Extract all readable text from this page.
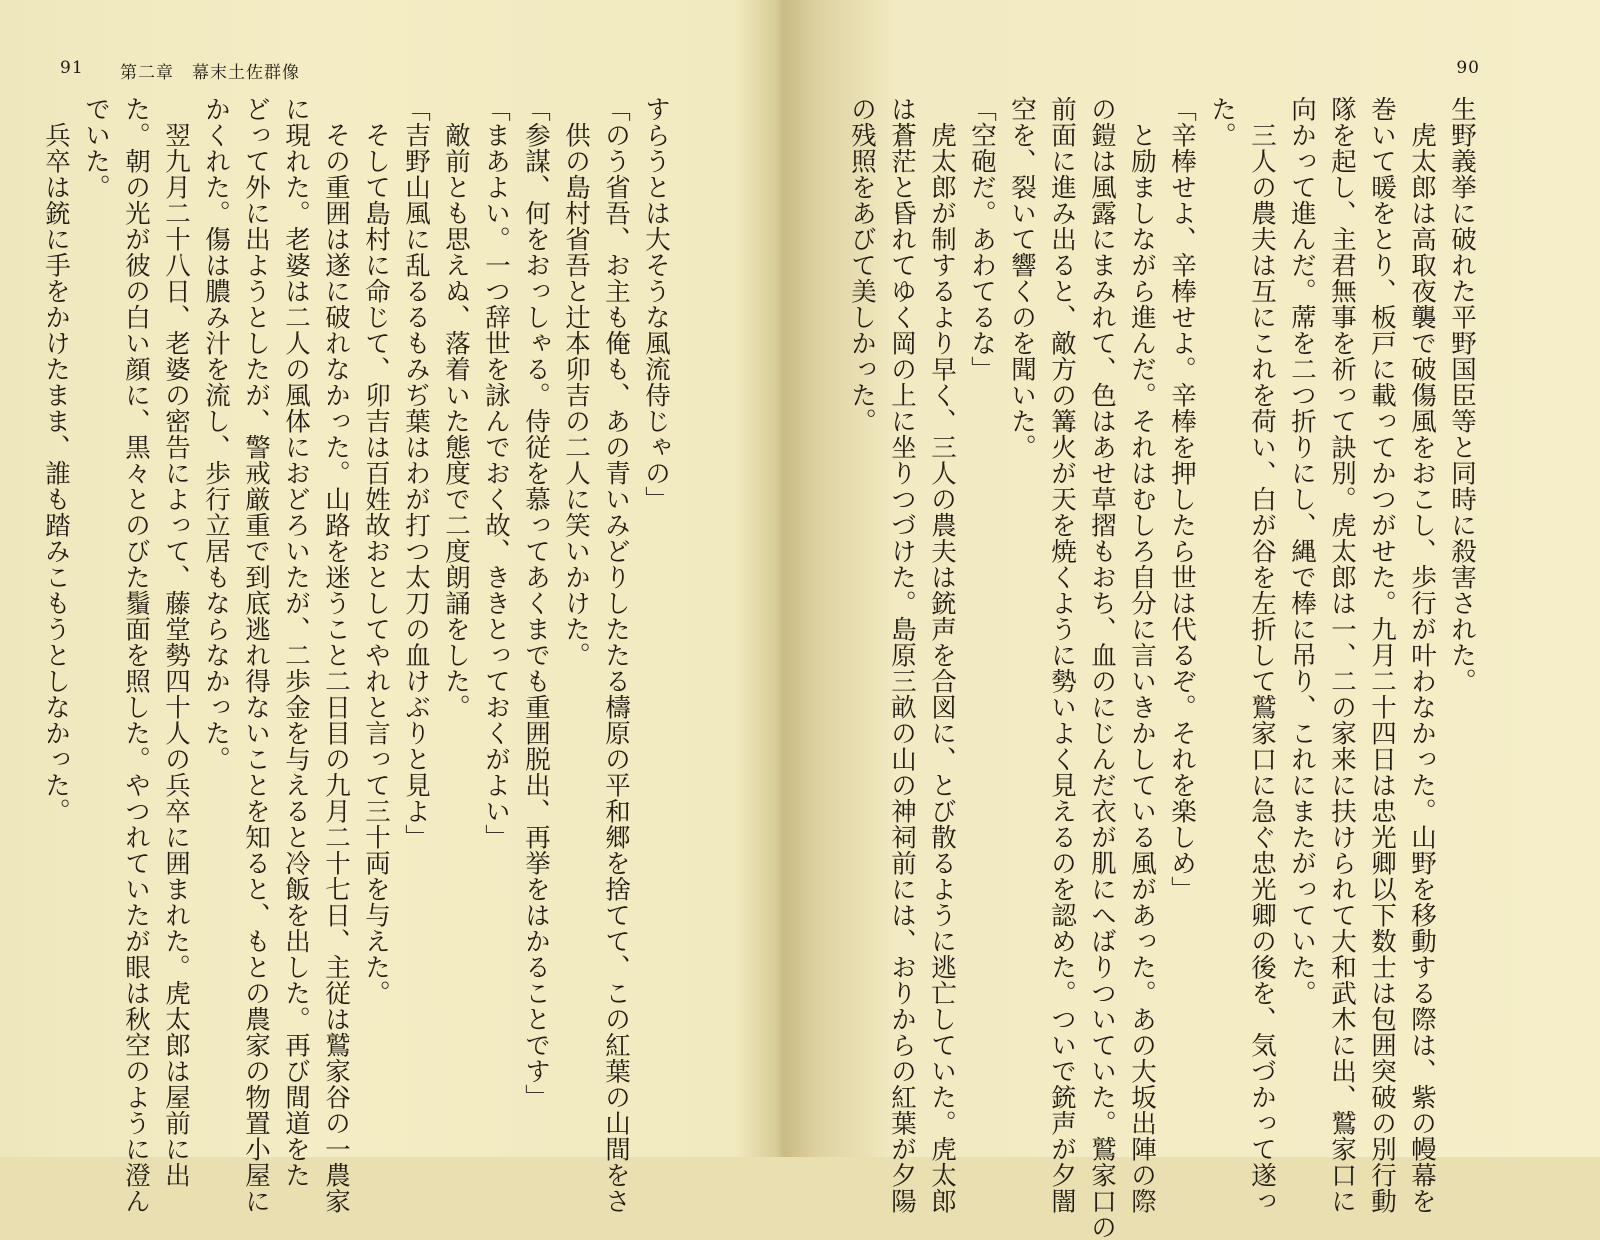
91 第二章　幕末土佐群像
すらうとは大そうな風流侍じゃの」
「のう省吾、お主も俺も、あの青いみどりしたたる檮原の平和郷を捨てて、この紅葉の山間をさ
　供の島村省吾と辻本卯吉の二人に笑いかけた。
「参謀、何をおっしゃる。侍従を慕ってあくまでも重囲脱出、再挙をはかることです」
「まあよい。一つ辞世を詠んでおく故、ききとっておくがよい」
　敵前とも思えぬ、落着いた態度で二度朗誦をした。
「吉野山風に乱るるもみぢ葉はわが打つ太刀の血けぶりと見よ」
　そして島村に命じて、卯吉は百姓故おとしてやれと言って三十両を与えた。
　その重囲は遂に破れなかった。山路を迷うこと二日目の九月二十七日、主従は鷲家谷の一農家
に現れた。老婆は二人の風体におどろいたが、二歩金を与えると冷飯を出した。再び間道をた
どって外に出ようとしたが、警戒厳重で到底逃れ得ないことを知ると、もとの農家の物置小屋に
かくれた。傷は膿み汁を流し、歩行立居もならなかった。
　翌九月二十八日、老婆の密告によって、藤堂勢四十人の兵卒に囲まれた。虎太郎は屋前に出
た。朝の光が彼の白い顔に、黒々とのびた鬚面を照した。やつれていたが眼は秋空のように澄ん
でいた。
　兵卒は銃に手をかけたまま、誰も踏みこもうとしなかった。
90
生野義挙に破れた平野国臣等と同時に殺害された。
　虎太郎は高取夜襲で破傷風をおこし、歩行が叶わなかった。山野を移動する際は、紫の幔幕を
巻いて暖をとり、板戸に載ってかつがせた。九月二十四日は忠光卿以下数士は包囲突破の別行動
隊を起し、主君無事を祈って訣別。虎太郎は一、二の家来に扶けられて大和武木に出、鷲家口に
向かって進んだ。蓆を二つ折りにし、縄で棒に吊り、これにまたがっていた。
　三人の農夫は互にこれを荷い、白が谷を左折して鷲家口に急ぐ忠光卿の後を、気づかって遂っ
た。
「辛棒せよ、辛棒せよ。辛棒を押したら世は代るぞ。それを楽しめ」
　と励ましながら進んだ。それはむしろ自分に言いきかしている風があった。あの大坂出陣の際
の鎧は風露にまみれて、色はあせ草摺もおち、血のにじんだ衣が肌にへばりついていた。鷲家口の
前面に進み出ると、敵方の篝火が天を焼くように勢いよく見えるのを認めた。ついで銃声が夕闇
空を、裂いて響くのを聞いた。
「空砲だ。あわてるな」
　虎太郎が制するより早く、三人の農夫は銃声を合図に、とび散るように逃亡していた。虎太郎
は蒼茫と昏れてゆく岡の上に坐りつづけた。島原三畝の山の神祠前には、おりからの紅葉が夕陽
の残照をあびて美しかった。
